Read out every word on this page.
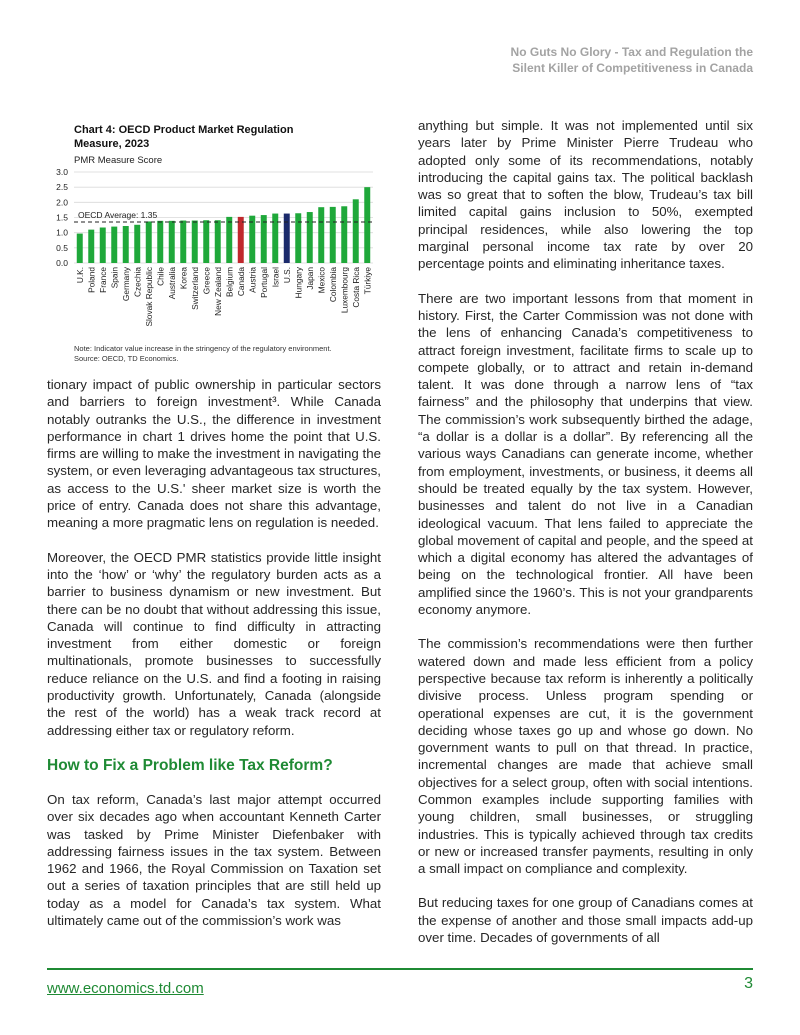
No Guts No Glory - Tax and Regulation the
Silent Killer of Competitiveness in Canada
Chart 4: OECD Product Market Regulation Measure, 2023
PMR Measure Score
0.0
0.5
1.0
1.5
2.0
2.5
3.0
U.K. Poland France Spain Germany Czechia Slovak Republic Chile Australia Korea Switzerland Greece New Zealand Belgium Canada Austria Portugal Israel U.S. Hungary Japan Mexico Colombia Luxembourg Costa Rica Türkiye
OECD Average: 1.35
Note: Indicator value increase in the stringency of the regulatory environment.
Source: OECD, TD Economics.

tionary impact of public ownership in particular sectors and barriers to foreign investment³. While Canada notably outranks the U.S., the difference in investment performance in chart 1 drives home the point that U.S. firms are willing to make the investment in navigating the system, or even leveraging advantageous tax structures, as access to the U.S.' sheer market size is worth the price of entry. Canada does not share this advantage, meaning a more pragmatic lens on regulation is needed.

Moreover, the OECD PMR statistics provide little insight into the ‘how’ or ‘why’ the regulatory burden acts as a barrier to business dynamism or new investment. But there can be no doubt that without addressing this issue, Canada will continue to find difficulty in attracting investment from either domestic or foreign multinationals, promote businesses to successfully reduce reliance on the U.S. and find a footing in raising productivity growth. Unfortunately, Canada (alongside the rest of the world) has a weak track record at addressing either tax or regulatory reform.

How to Fix a Problem like Tax Reform?

On tax reform, Canada’s last major attempt occurred over six decades ago when accountant Kenneth Carter was tasked by Prime Minister Diefenbaker with addressing fairness issues in the tax system. Between 1962 and 1966, the Royal Commission on Taxation set out a series of taxation principles that are still held up today as a model for Canada’s tax system. What ultimately came out of the commission’s work was

anything but simple. It was not implemented until six years later by Prime Minister Pierre Trudeau who adopted only some of its recommendations, notably introducing the capital gains tax. The political backlash was so great that to soften the blow, Trudeau’s tax bill limited capital gains inclusion to 50%, exempted principal residences, while also lowering the top marginal personal income tax rate by over 20 percentage points and eliminating inheritance taxes.

There are two important lessons from that moment in history. First, the Carter Commission was not done with the lens of enhancing Canada’s competitiveness to attract foreign investment, facilitate firms to scale up to compete globally, or to attract and retain in-demand talent. It was done through a narrow lens of “tax fairness” and the philosophy that underpins that view. The commission’s work subsequently birthed the adage, “a dollar is a dollar is a dollar”. By referencing all the various ways Canadians can generate income, whether from employment, investments, or business, it deems all should be treated equally by the tax system. However, businesses and talent do not live in a Canadian ideological vacuum. That lens failed to appreciate the global movement of capital and people, and the speed at which a digital economy has altered the advantages of being on the technological frontier. All have been amplified since the 1960’s. This is not your grandparents economy anymore.

The commission’s recommendations were then further watered down and made less efficient from a policy perspective because tax reform is inherently a politically divisive process. Unless program spending or operational expenses are cut, it is the government deciding whose taxes go up and whose go down. No government wants to pull on that thread. In practice, incremental changes are made that achieve small objectives for a select group, often with social intentions. Common examples include supporting families with young children, small businesses, or struggling industries. This is typically achieved through tax credits or new or increased transfer payments, resulting in only a small impact on compliance and complexity.

But reducing taxes for one group of Canadians comes at the expense of another and those small impacts add-up over time. Decades of governments of all

www.economics.td.com	3
